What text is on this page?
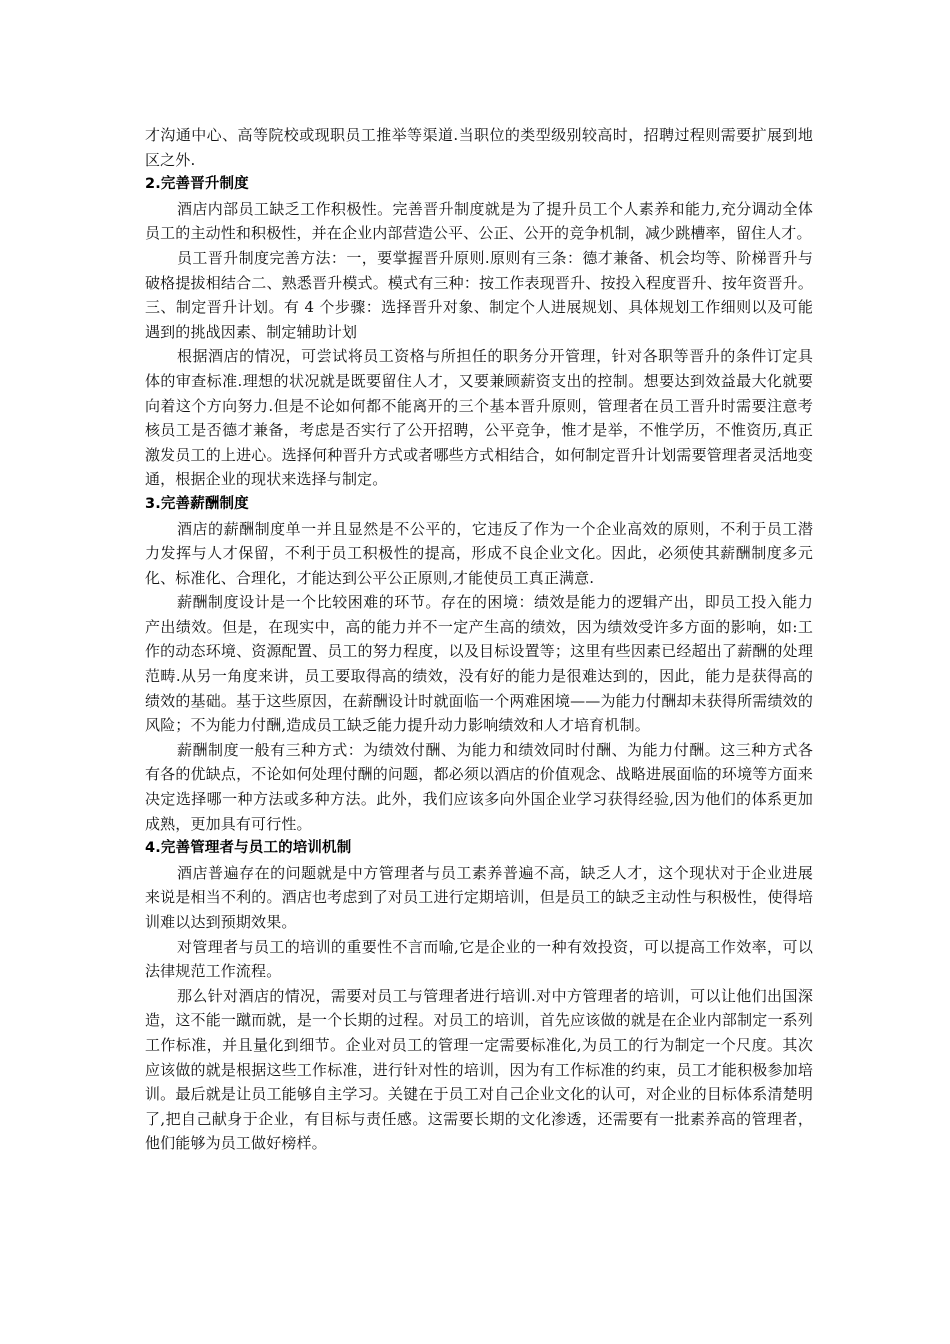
才沟通中心、高等院校或现职员工推举等渠道.当职位的类型级别较高时，招聘过程则需要扩展到地区之外.

2.完善晋升制度

酒店内部员工缺乏工作积极性。完善晋升制度就是为了提升员工个人素养和能力,充分调动全体员工的主动性和积极性，并在企业内部营造公平、公正、公开的竞争机制，减少跳槽率，留住人才。

员工晋升制度完善方法：一，要掌握晋升原则.原则有三条：德才兼备、机会均等、阶梯晋升与破格提拔相结合二、熟悉晋升模式。模式有三种：按工作表现晋升、按投入程度晋升、按年资晋升。三、制定晋升计划。有 4 个步骤：选择晋升对象、制定个人进展规划、具体规划工作细则以及可能遇到的挑战因素、制定辅助计划

根据酒店的情况，可尝试将员工资格与所担任的职务分开管理，针对各职等晋升的条件订定具体的审查标准.理想的状况就是既要留住人才，又要兼顾薪资支出的控制。想要达到效益最大化就要向着这个方向努力.但是不论如何都不能离开的三个基本晋升原则，管理者在员工晋升时需要注意考核员工是否德才兼备，考虑是否实行了公开招聘，公平竞争，惟才是举，不惟学历，不惟资历,真正激发员工的上进心。选择何种晋升方式或者哪些方式相结合，如何制定晋升计划需要管理者灵活地变通，根据企业的现状来选择与制定。

3.完善薪酬制度

酒店的薪酬制度单一并且显然是不公平的，它违反了作为一个企业高效的原则，不利于员工潜力发挥与人才保留，不利于员工积极性的提高，形成不良企业文化。因此，必须使其薪酬制度多元化、标准化、合理化，才能达到公平公正原则,才能使员工真正满意.

薪酬制度设计是一个比较困难的环节。存在的困境：绩效是能力的逻辑产出，即员工投入能力产出绩效。但是，在现实中，高的能力并不一定产生高的绩效，因为绩效受许多方面的影响，如:工作的动态环境、资源配置、员工的努力程度，以及目标设置等；这里有些因素已经超出了薪酬的处理范畴.从另一角度来讲，员工要取得高的绩效，没有好的能力是很难达到的，因此，能力是获得高的绩效的基础。基于这些原因，在薪酬设计时就面临一个两难困境——为能力付酬却未获得所需绩效的风险；不为能力付酬,造成员工缺乏能力提升动力影响绩效和人才培育机制。

薪酬制度一般有三种方式：为绩效付酬、为能力和绩效同时付酬、为能力付酬。这三种方式各有各的优缺点，不论如何处理付酬的问题，都必须以酒店的价值观念、战略进展面临的环境等方面来决定选择哪一种方法或多种方法。此外，我们应该多向外国企业学习获得经验,因为他们的体系更加成熟，更加具有可行性。

4.完善管理者与员工的培训机制

酒店普遍存在的问题就是中方管理者与员工素养普遍不高，缺乏人才，这个现状对于企业进展来说是相当不利的。酒店也考虑到了对员工进行定期培训，但是员工的缺乏主动性与积极性，使得培训难以达到预期效果。

对管理者与员工的培训的重要性不言而喻,它是企业的一种有效投资，可以提高工作效率，可以法律规范工作流程。

那么针对酒店的情况，需要对员工与管理者进行培训.对中方管理者的培训，可以让他们出国深造，这不能一蹴而就，是一个长期的过程。对员工的培训，首先应该做的就是在企业内部制定一系列工作标准，并且量化到细节。企业对员工的管理一定需要标准化,为员工的行为制定一个尺度。其次应该做的就是根据这些工作标准，进行针对性的培训，因为有工作标准的约束，员工才能积极参加培训。最后就是让员工能够自主学习。关键在于员工对自己企业文化的认可，对企业的目标体系清楚明了,把自己献身于企业，有目标与责任感。这需要长期的文化渗透，还需要有一批素养高的管理者，他们能够为员工做好榜样。
